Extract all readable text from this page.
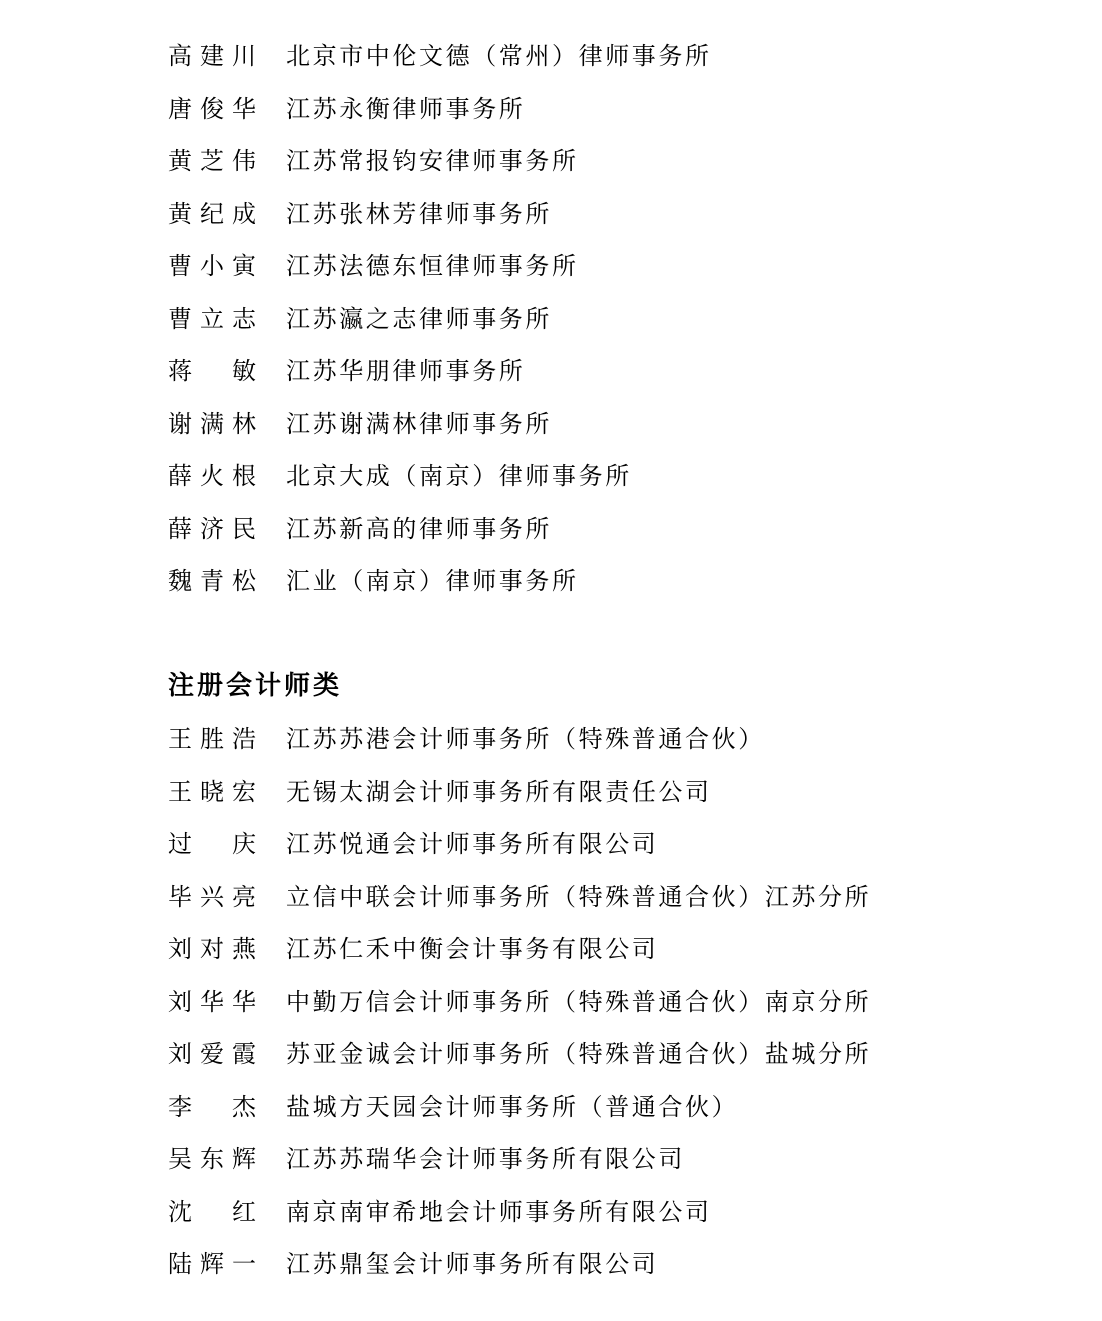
高建川 北京市中伦文德（常州）律师事务所
唐俊华 江苏永衡律师事务所
黄芝伟 江苏常报钧安律师事务所
黄纪成 江苏张林芳律师事务所
曹小寅 江苏法德东恒律师事务所
曹立志 江苏瀛之志律师事务所
蒋　敏 江苏华朋律师事务所
谢满林 江苏谢满林律师事务所
薛火根 北京大成（南京）律师事务所
薛济民 江苏新高的律师事务所
魏青松 汇业（南京）律师事务所
注册会计师类
王胜浩 江苏苏港会计师事务所（特殊普通合伙）
王晓宏 无锡太湖会计师事务所有限责任公司
过　庆 江苏悦通会计师事务所有限公司
毕兴亮 立信中联会计师事务所（特殊普通合伙）江苏分所
刘对燕 江苏仁禾中衡会计事务有限公司
刘华华 中勤万信会计师事务所（特殊普通合伙）南京分所
刘爱霞 苏亚金诚会计师事务所（特殊普通合伙）盐城分所
李　杰 盐城方天园会计师事务所（普通合伙）
吴东辉 江苏苏瑞华会计师事务所有限公司
沈　红 南京南审希地会计师事务所有限公司
陆辉一 江苏鼎玺会计师事务所有限公司
